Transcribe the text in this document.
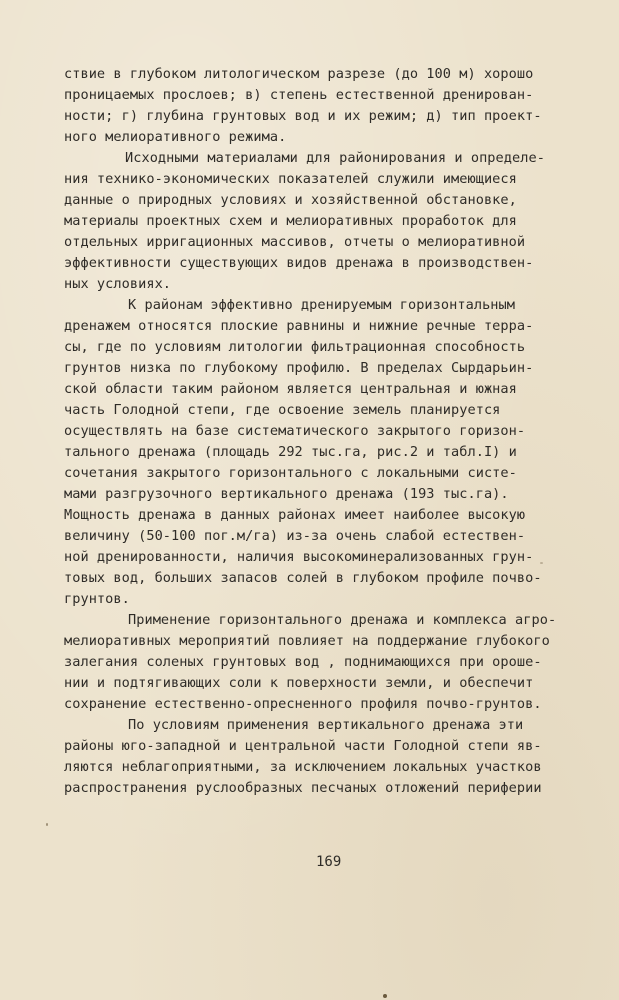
ствие в глубоком литологическом разрезе (до 100 м) хорошо
проницаемых прослоев; в) степень естественной дренирован-
ности; г) глубина грунтовых вод и их режим; д) тип проект-
ного мелиоративного режима.
Исходными материалами для районирования и определе-
ния технико-экономических показателей служили имеющиеся
данные о природных условиях и хозяйственной обстановке,
материалы проектных схем и мелиоративных проработок для
отдельных ирригационных массивов, отчеты о мелиоративной
эффективности существующих видов дренажа в производствен-
ных условиях.
К районам эффективно дренируемым горизонтальным
дренажем относятся плоские равнины и нижние речные терра-
сы, где по условиям литологии фильтрационная способность
грунтов низка по глубокому профилю. В пределах Сырдарьин-
ской области таким районом является центральная и южная
часть Голодной степи, где освоение земель планируется
осуществлять на базе систематического закрытого горизон-
тального дренажа (площадь 292 тыс.га, рис.2 и табл.I) и
сочетания закрытого горизонтального с локальными систе-
мами разгрузочного вертикального дренажа (193 тыс.га).
Мощность дренажа в данных районах имеет наиболее высокую
величину (50-100 пог.м/га) из-за очень слабой естествен-
ной дренированности, наличия высокоминерализованных грун-
товых вод, больших запасов солей в глубоком профиле почво-
грунтов.
Применение горизонтального дренажа и комплекса агро-
мелиоративных мероприятий повлияет на поддержание глубокого
залегания соленых грунтовых вод , поднимающихся при ороше-
нии и подтягивающих соли к поверхности земли, и обеспечит
сохранение естественно-опресненного профиля почво-грунтов.
По условиям применения вертикального дренажа эти
районы юго-западной и центральной части Голодной степи яв-
ляются неблагоприятными, за исключением локальных участков
распространения руслообразных песчаных отложений периферии
169
